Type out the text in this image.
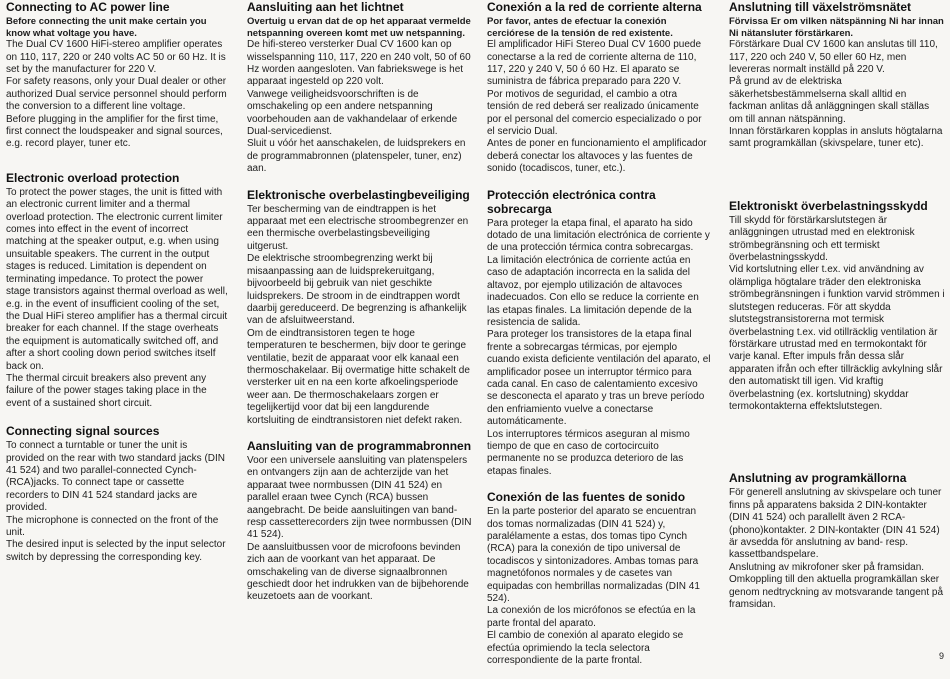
Connecting to AC power line

Before connecting the unit make certain you know what voltage you have.

The Dual CV 1600 HiFi-stereo amplifier operates on 110, 117, 220 or 240 volts AC 50 or 60 Hz. It is set by the manufacturer for 220 V.

For safety reasons, only your Dual dealer or other authorized Dual service personnel should perform the conversion to a different line voltage.

Before plugging in the amplifier for the first time, first connect the loudspeaker and signal sources, e.g. record player, tuner etc.

Electronic overload protection

To protect the power stages, the unit is fitted with an electronic current limiter and a thermal overload protection. The electronic current limiter comes into effect in the event of incorrect matching at the speaker output, e.g. when using unsuitable speakers. The current in the output stages is reduced. Limitation is dependent on terminating impedance. To protect the power stage transistors against thermal overload as well, e.g. in the event of insufficient cooling of the set, the Dual HiFi stereo amplifier has a thermal circuit breaker for each channel. If the stage overheats the equipment is automatically switched off, and after a short cooling down period switches itself back on.

The thermal circuit breakers also prevent any failure of the power stages taking place in the event of a sustained short circuit.

Connecting signal sources

To connect a turntable or tuner the unit is provided on the rear with two standard jacks (DIN 41 524) and two parallel-connected Cynch-(RCA)jacks. To connect tape or cassette recorders to DIN 41 524 standard jacks are provided.

The microphone is connected on the front of the unit.

The desired input is selected by the input selector switch by depressing the corresponding key.

Aansluiting aan het lichtnet

Overtuig u ervan dat de op het apparaat vermelde netspanning overeen komt met uw netspanning.

De hifi-stereo versterker Dual CV 1600 kan op wisselspanning 110, 117, 220 en 240 volt, 50 of 60 Hz worden aangesloten. Van fabriekswege is het apparaat ingesteld op 220 volt.

Vanwege veiligheidsvoorschriften is de omschakeling op een andere netspanning voorbehouden aan de vakhandelaar of erkende Dual-servicedienst.

Sluit u vóór het aanschakelen, de luidsprekers en de programmabronnen (platenspeler, tuner, enz) aan.

Elektronische overbelastingbeveiliging

Ter bescherming van de eindtrappen is het apparaat met een electrische stroombegrenzer en een thermische overbelastingsbeveiliging uitgerust.

De elektrische stroombegrenzing werkt bij misaanpassing aan de luidsprekeruitgang, bijvoorbeeld bij gebruik van niet geschikte luidsprekers. De stroom in de eindtrappen wordt daarbij gereduceerd. De begrenzing is afhankelijk van de afsluitweerstand.

Om de eindtransistoren tegen te hoge temperaturen te beschermen, bijv door te geringe ventilatie, bezit de apparaat voor elk kanaal een thermoschakelaar. Bij overmatige hitte schakelt de versterker uit en na een korte afkoelingsperiode weer aan. De thermoschakelaars zorgen er tegelijkertijd voor dat bij een langdurende kortsluiting de eindtransistoren niet defekt raken.

Aansluiting van de programmabronnen

Voor een universele aansluiting van platenspelers en ontvangers zijn aan de achterzijde van het apparaat twee normbussen (DIN 41 524) en parallel eraan twee Cynch (RCA) bussen aangebracht. De beide aansluitingen van band- resp cassetterecorders zijn twee normbussen (DIN 41 524).

De aansluitbussen voor de microfoons bevinden zich aan de voorkant van het apparaat. De omschakeling van de diverse signaalbronnen geschiedt door het indrukken van de bijbehorende keuzetoets aan de voorkant.

Conexión a la red de corriente alterna

Por favor, antes de efectuar la conexión cerciórese de la tensión de red existente.

El amplificador HiFi Stereo Dual CV 1600 puede conectarse a la red de corriente alterna de 110, 117, 220 y 240 V, 50 ó 60 Hz. El aparato se suministra de fábrica preparado para 220 V.

Por motivos de seguridad, el cambio a otra tensión de red deberá ser realizado únicamente por el personal del comercio especializado o por el servicio Dual.

Antes de poner en funcionamiento el amplificador deberá conectar los altavoces y las fuentes de sonido (tocadiscos, tuner, etc.).

Protección electrónica contra sobrecarga

Para proteger la etapa final, el aparato ha sido dotado de una limitación electrónica de corriente y de una protección térmica contra sobrecargas.

La limitación electrónica de corriente actúa en caso de adaptación incorrecta en la salida del altavoz, por ejemplo utilización de altavoces inadecuados. Con ello se reduce la corriente en las etapas finales. La limitación depende de la resistencia de salida.

Para proteger los transistores de la etapa final frente a sobrecargas térmicas, por ejemplo cuando exista deficiente ventilación del aparato, el amplificador posee un interruptor térmico para cada canal. En caso de calentamiento excesivo se desconecta el aparato y tras un breve período den enfriamiento vuelve a conectarse automáticamente.

Los interruptores térmicos aseguran al mismo tiempo de que en caso de cortocircuito permanente no se produzca deterioro de las etapas finales.

Conexión de las fuentes de sonido

En la parte posterior del aparato se encuentran dos tomas normalizadas (DIN 41 524) y, paralélamente a estas, dos tomas tipo Cynch (RCA) para la conexión de tipo universal de tocadiscos y sintonizadores. Ambas tomas para magnetófonos normales y de casetes van equipadas con hembrillas normalizadas (DIN 41 524).

La conexión de los micrófonos se efectúa en la parte frontal del aparato.

El cambio de conexión al aparato elegido se efectúa oprimiendo la tecla selectora correspondiente de la parte frontal.

Anslutning till växelströmsnätet

Förvissa Er om vilken nätspänning Ni har innan Ni nätansluter förstärkaren.

Förstärkare Dual CV 1600 kan anslutas till 110, 117, 220 och 240 V, 50 eller 60 Hz, men levereras normalt inställd på 220 V.

På grund av de elektriska säkerhetsbestämmelserna skall alltid en fackman anlitas då anläggningen skall ställas om till annan nätspänning.

Innan förstärkaren kopplas in ansluts högtalarna samt programkällan (skivspelare, tuner etc).

Elektroniskt överbelastningsskydd

Till skydd för förstärkarslutstegen är anläggningen utrustad med en elektronisk strömbegränsning och ett termiskt överbelastningsskydd.

Vid kortslutning eller t.ex. vid användning av olämpliga högtalare träder den elektroniska strömbegränsningen i funktion varvid strömmen i slutstegen reduceras. För att skydda slutstegstransistorerna mot termisk överbelastning t.ex. vid otillräcklig ventilation är förstärkare utrustad med en termokontakt för varje kanal. Efter impuls från dessa slår apparaten ifrån och efter tillräcklig avkylning slår den automatiskt till igen. Vid kraftig överbelastning (ex. kortslutning) skyddar termokontakterna effektslutstegen.

Anslutning av programkällorna

För generell anslutning av skivspelare och tuner finns på apparatens baksida 2 DIN-kontakter (DIN 41 524) och parallellt även 2 RCA-(phono)kontakter. 2 DIN-kontakter (DIN 41 524) är avsedda för anslutning av band- resp. kassettbandspelare.

Anslutning av mikrofoner sker på framsidan. Omkoppling till den aktuella programkällan sker genom nedtryckning av motsvarande tangent på framsidan.

9
